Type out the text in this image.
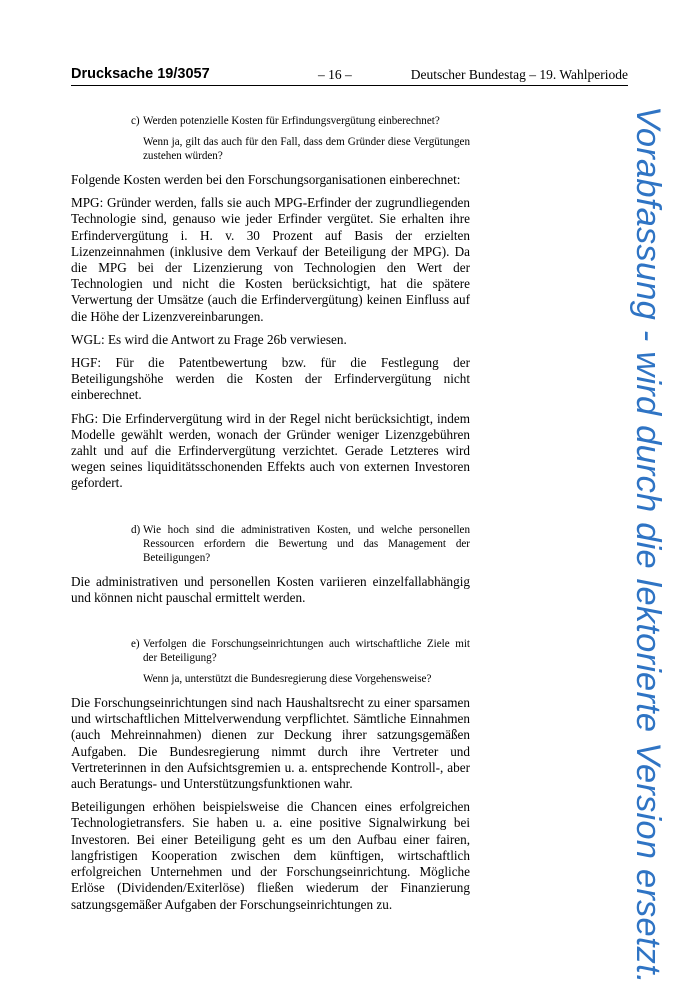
Drucksache 19/3057	– 16 –	Deutscher Bundestag – 19. Wahlperiode
c) Werden potenzielle Kosten für Erfindungsvergütung einberechnet?
Wenn ja, gilt das auch für den Fall, dass dem Gründer diese Vergütungen zustehen würden?

Folgende Kosten werden bei den Forschungsorganisationen einberechnet:

MPG: Gründer werden, falls sie auch MPG-Erfinder der zugrundliegenden Technologie sind, genauso wie jeder Erfinder vergütet. Sie erhalten ihre Erfindervergütung i. H. v. 30 Prozent auf Basis der erzielten Lizenzeinnahmen (inklusive dem Verkauf der Beteiligung der MPG). Da die MPG bei der Lizenzierung von Technologien den Wert der Technologien und nicht die Kosten berücksichtigt, hat die spätere Verwertung der Umsätze (auch die Erfindervergütung) keinen Einfluss auf die Höhe der Lizenzvereinbarungen.

WGL: Es wird die Antwort zu Frage 26b verwiesen.

HGF: Für die Patentbewertung bzw. für die Festlegung der Beteiligungshöhe werden die Kosten der Erfindervergütung nicht einberechnet.

FhG: Die Erfindervergütung wird in der Regel nicht berücksichtigt, indem Modelle gewählt werden, wonach der Gründer weniger Lizenzgebühren zahlt und auf die Erfindervergütung verzichtet. Gerade Letzteres wird wegen seines liquiditätsschonenden Effekts auch von externen Investoren gefordert.

d) Wie hoch sind die administrativen Kosten, und welche personellen Ressourcen erfordern die Bewertung und das Management der Beteiligungen?

Die administrativen und personellen Kosten variieren einzelfallabhängig und können nicht pauschal ermittelt werden.

e) Verfolgen die Forschungseinrichtungen auch wirtschaftliche Ziele mit der Beteiligung?
Wenn ja, unterstützt die Bundesregierung diese Vorgehensweise?

Die Forschungseinrichtungen sind nach Haushaltsrecht zu einer sparsamen und wirtschaftlichen Mittelverwendung verpflichtet. Sämtliche Einnahmen (auch Mehreinnahmen) dienen zur Deckung ihrer satzungsgemäßen Aufgaben. Die Bundesregierung nimmt durch ihre Vertreter und Vertreterinnen in den Aufsichtsgremien u. a. entsprechende Kontroll-, aber auch Beratungs- und Unterstützungsfunktionen wahr.

Beteiligungen erhöhen beispielsweise die Chancen eines erfolgreichen Technologietransfers. Sie haben u. a. eine positive Signalwirkung bei Investoren. Bei einer Beteiligung geht es um den Aufbau einer fairen, langfristigen Kooperation zwischen dem künftigen, wirtschaftlich erfolgreichen Unternehmen und der Forschungseinrichtung. Mögliche Erlöse (Dividenden/Exiterlöse) fließen wiederum der Finanzierung satzungsgemäßer Aufgaben der Forschungseinrichtungen zu.	Vorabfassung - wird durch die lektorierte Version ersetzt.
